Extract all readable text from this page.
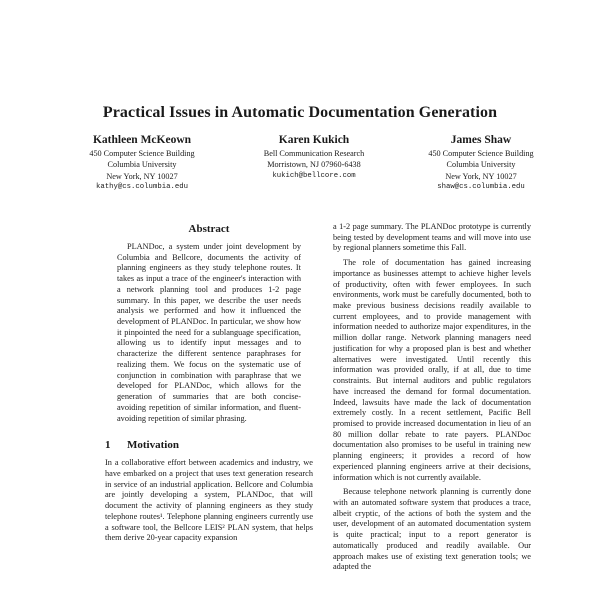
Practical Issues in Automatic Documentation Generation
Kathleen McKeown
450 Computer Science Building
Columbia University
New York, NY 10027
kathy@cs.columbia.edu
Karen Kukich
Bell Communication Research
Morristown, NJ 07960-6438
kukich@bellcore.com
James Shaw
450 Computer Science Building
Columbia University
New York, NY 10027
shaw@cs.columbia.edu
Abstract

PLANDoc, a system under joint development by Columbia and Bellcore, documents the activity of planning engineers as they study telephone routes. It takes as input a trace of the engineer's interaction with a network planning tool and produces 1-2 page summary. In this paper, we describe the user needs analysis we performed and how it influenced the development of PLANDoc. In particular, we show how it pinpointed the need for a sublanguage specification, allowing us to identify input messages and to characterize the different sentence paraphrases for realizing them. We focus on the systematic use of conjunction in combination with paraphrase that we developed for PLANDoc, which allows for the generation of summaries that are both concise-avoiding repetition of similar information, and fluent-avoiding repetition of similar phrasing.

1 Motivation

In a collaborative effort between academics and industry, we have embarked on a project that uses text generation research in service of an industrial application. Bellcore and Columbia are jointly developing a system, PLANDoc, that will document the activity of planning engineers as they study telephone routes¹. Telephone planning engineers currently use a software tool, the Bellcore LEIS² PLAN system, that helps them derive 20-year capacity expansion

a 1-2 page summary. The PLANDoc prototype is currently being tested by development teams and will move into use by regional planners sometime this Fall.

The role of documentation has gained increasing importance as businesses attempt to achieve higher levels of productivity, often with fewer employees. In such environments, work must be carefully documented, both to make previous business decisions readily available to current employees, and to provide management with information needed to authorize major expenditures, in the million dollar range. Network planning managers need justification for why a proposed plan is best and whether alternatives were investigated. Until recently this information was provided orally, if at all, due to time constraints. But internal auditors and public regulators have increased the demand for formal documentation. Indeed, lawsuits have made the lack of documentation extremely costly. In a recent settlement, Pacific Bell promised to provide increased documentation in lieu of an 80 million dollar rebate to rate payers. PLANDoc documentation also promises to be useful in training new planning engineers; it provides a record of how experienced planning engineers arrive at their decisions, information which is not currently available.

Because telephone network planning is currently done with an automated software system that produces a trace, albeit cryptic, of the actions of both the system and the user, development of an automated documentation system is quite practical; input to a report generator is automatically produced and readily available. Our approach makes use of existing text generation tools; we adapted the
